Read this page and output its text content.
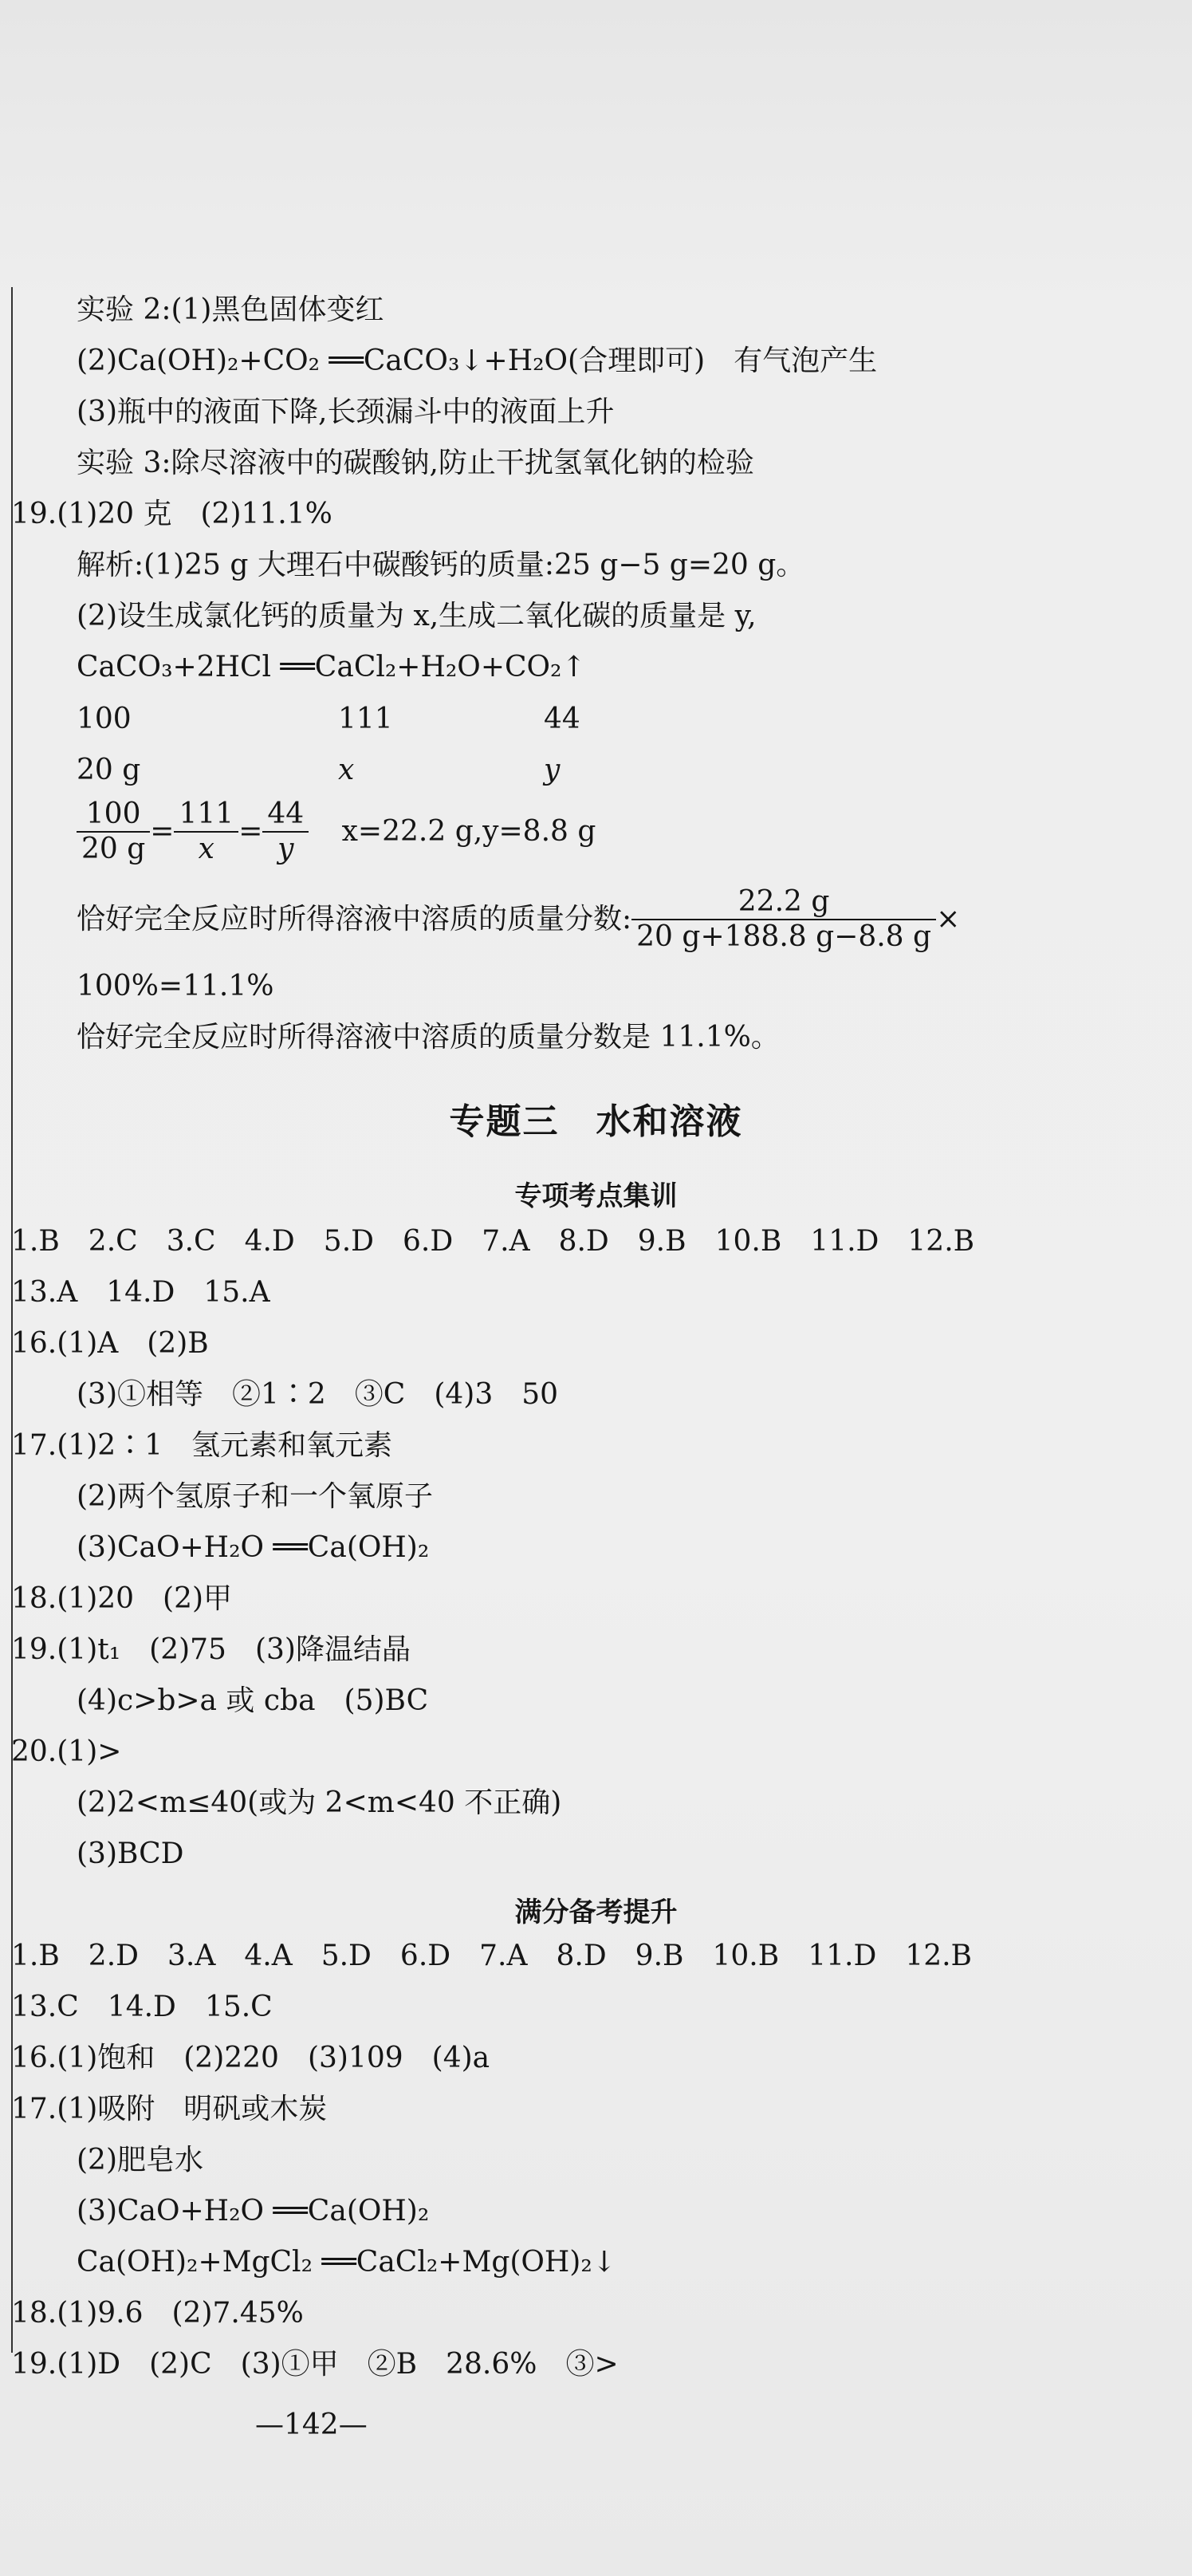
实验 2:(1)黑色固体变红
(2)Ca(OH)₂+CO₂ ══CaCO₃↓+H₂O(合理即可)　有气泡产生
(3)瓶中的液面下降,长颈漏斗中的液面上升
实验 3:除尽溶液中的碳酸钠,防止干扰氢氧化钠的检验
19.(1)20 克　(2)11.1%
解析:(1)25 g 大理石中碳酸钙的质量:25 g−5 g=20 g。
(2)设生成氯化钙的质量为 x,生成二氧化碳的质量是 y,
CaCO₃+2HCl ══CaCl₂+H₂O+CO₂↑
100	111	44
20 g	x	y
$\frac{100}{20 g} = \frac{111}{x} = \frac{44}{y} x=22.2$ g,y=8.8 g
恰好完全反应时所得溶液中溶质的质量分数: $\frac{22.2 g}{20 g+188.8 g-8.8 g}$ ×
100%=11.1%
恰好完全反应时所得溶液中溶质的质量分数是 11.1%。
专题三　水和溶液
专项考点集训
1.B　2.C　3.C　4.D　5.D　6.D　7.A　8.D　9.B　10.B　11.D　12.B
13.A　14.D　15.A
16.(1)A　(2)B
(3)①相等　②1∶2　③C　(4)3　50
17.(1)2∶1　氢元素和氧元素
(2)两个氢原子和一个氧原子
(3)CaO+H₂O ══Ca(OH)₂
18.(1)20　(2)甲
19.(1)t₁　(2)75　(3)降温结晶
(4)c>b>a 或 cba　(5)BC
20.(1)>
(2)2<m≤40(或为 2<m<40 不正确)
(3)BCD
满分备考提升
1.B　2.D　3.A　4.A　5.D　6.D　7.A　8.D　9.B　10.B　11.D　12.B
13.C　14.D　15.C
16.(1)饱和　(2)220　(3)109　(4)a
17.(1)吸附　明矾或木炭
(2)肥皂水
(3)CaO+H₂O ══Ca(OH)₂
Ca(OH)₂+MgCl₂ ══CaCl₂+Mg(OH)₂↓
18.(1)9.6　(2)7.45%
19.(1)D　(2)C　(3)①甲　②B　28.6%　③>
—142—
